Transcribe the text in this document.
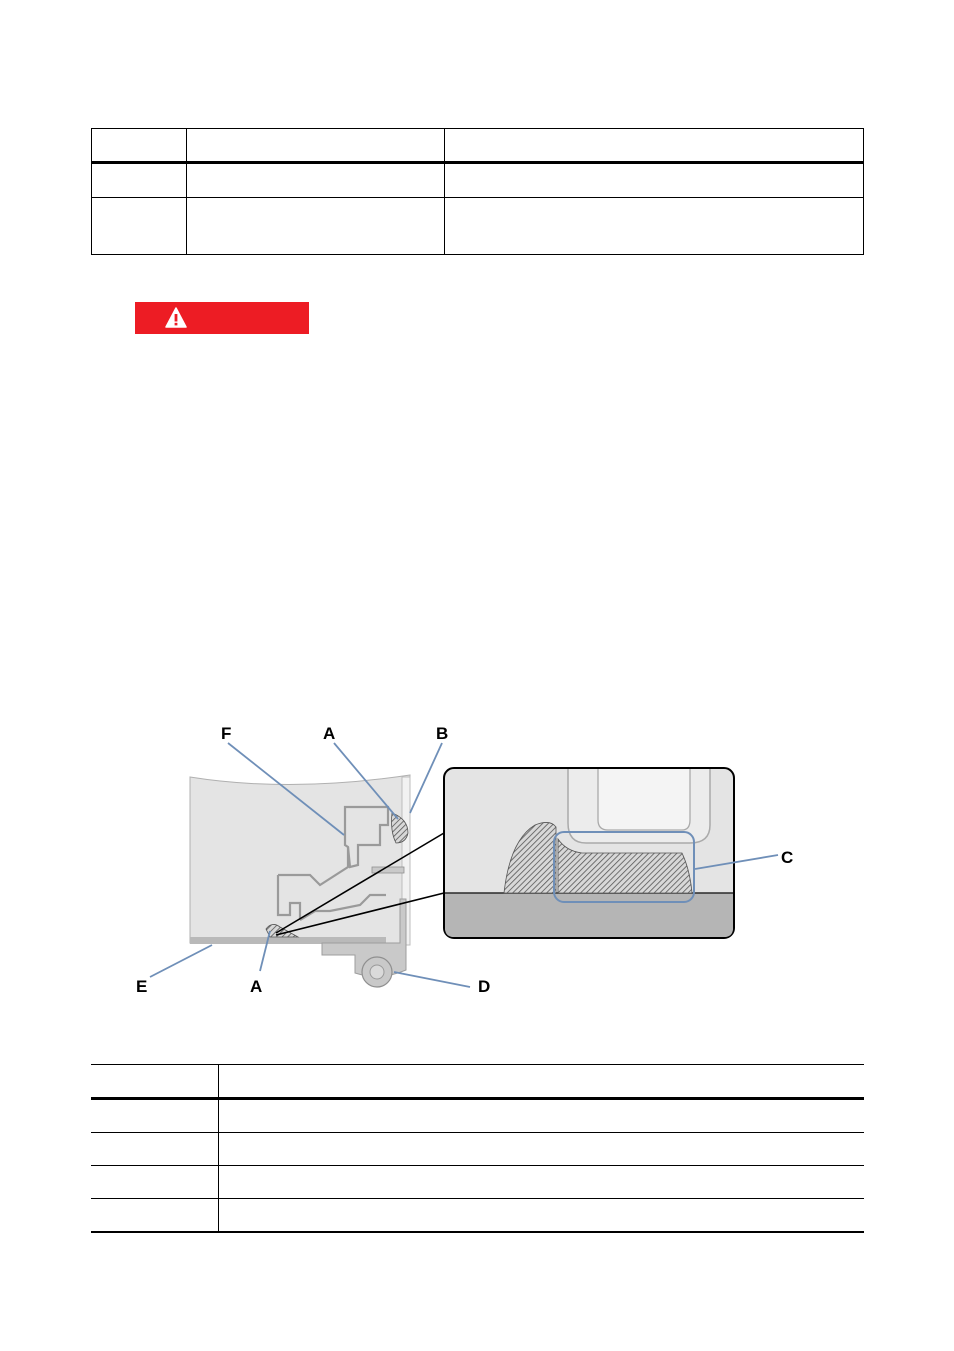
F	A	B
C
E	A	D
